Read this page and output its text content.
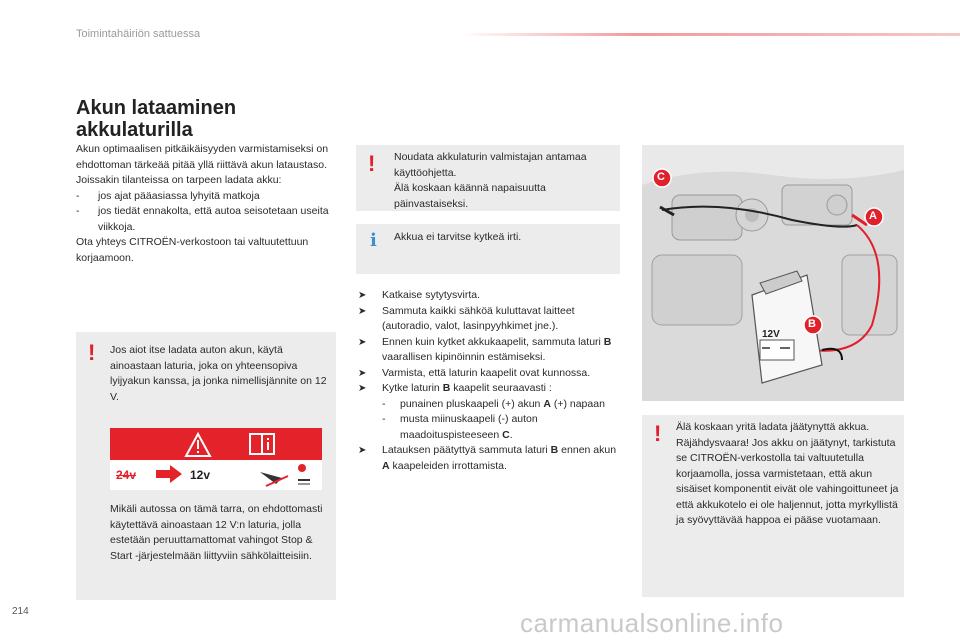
Toimintahäiriön sattuessa
Akun lataaminen
akkulaturilla

Akun optimaalisen pitkäikäisyyden varmistamiseksi on ehdottoman tärkeää pitää yllä riittävä akun lataustaso.

Joissakin tilanteissa on tarpeen ladata akku:

- jos ajat pääasiassa lyhyitä matkoja

- jos tiedät ennakolta, että autoa seisotetaan useita viikkoja.

Ota yhteys CITROËN-verkostoon tai valtuutettuun korjaamoon.

! Jos aiot itse ladata auton akun, käytä ainoastaan laturia, joka on yhteensopiva lyijyakun kanssa, ja jonka nimellisjännite on 12 V.

24v	12v

Mikäli autossa on tämä tarra, on ehdottomasti käytettävä ainoastaan 12 V:n laturia, jolla estetään peruuttamattomat vahingot Stop & Start -järjestelmään liittyviin sähkölaitteisiin.

! Noudata akkulaturin valmistajan antamaa käyttöohjetta.

Älä koskaan käännä napaisuutta päinvastaiseksi.

i Akkua ei tarvitse kytkeä irti.
➤ Katkaise sytytysvirta.
➤ Sammuta kaikki sähköä kuluttavat laitteet (autoradio, valot, lasinpyyhkimet jne.).
➤ Ennen kuin kytket akkukaapelit, sammuta laturi B vaarallisen kipinöinnin estämiseksi.
➤ Varmista, että laturin kaapelit ovat kunnossa.
➤ Kytke laturin B kaapelit seuraavasti :
- punainen pluskaapeli (+) akun A (+) napaan
- musta miinuskaapeli (-) auton maadoituspisteeseen C.
➤ Latauksen päätyttyä sammuta laturi B ennen akun A kaapeleiden irrottamista.
A
B
C
12V
! Älä koskaan yritä ladata jäätynyttä akkua. Räjähdysvaara! Jos akku on jäätynyt, tarkistuta se CITROËN-verkostolla tai valtuutetulla korjaamolla, jossa varmistetaan, että akun sisäiset komponentit eivät ole vahingoittuneet ja että akkukotelo ei ole haljennut, jotta myrkyllistä ja syövyttävää happoa ei pääse vuotamaan.

214	carmanualsonline.info
